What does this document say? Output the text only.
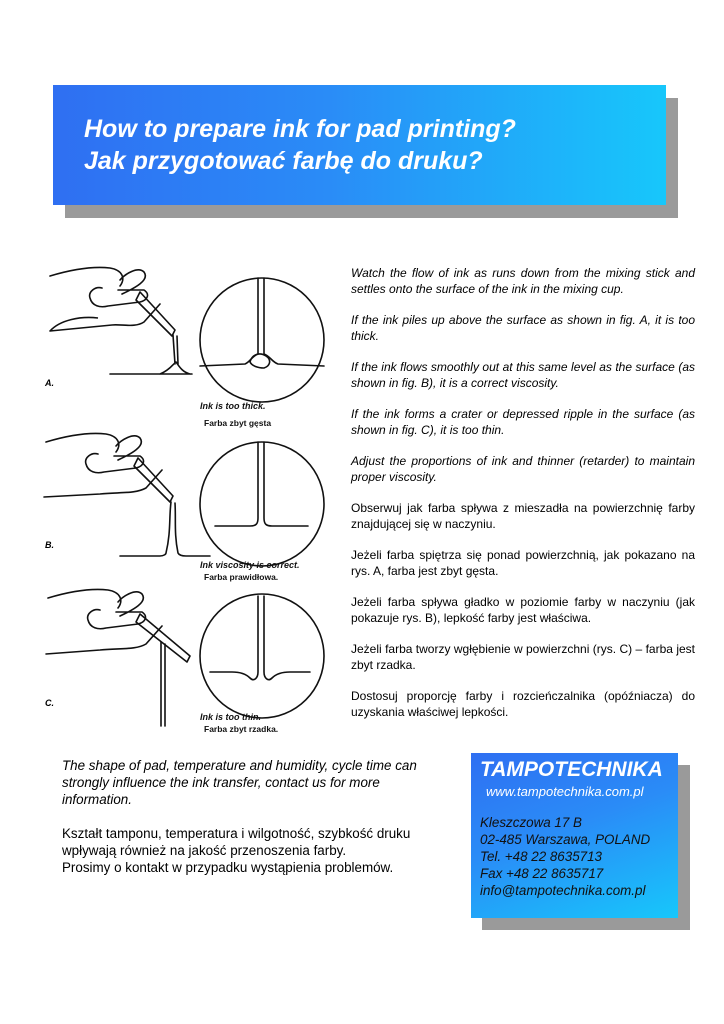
How to prepare ink for pad printing?
Jak przygotować farbę do druku?
A.
Ink is too thick.
Farba zbyt gęsta
B.
Ink viscosity is correct.
Farba prawidłowa.
C.
Ink is too thin.
Farba zbyt rzadka.

Watch the flow of ink as runs down from the mixing stick and settles onto the surface of the ink in the mixing cup.

If the ink piles up above the surface as shown in fig. A, it is too thick.

If the ink flows smoothly out at this same level as the surface (as shown in fig. B), it is a correct viscosity.

If the ink forms a crater or depressed ripple in the surface (as shown in fig. C), it is too thin.

Adjust the proportions of ink and thinner (retarder) to maintain proper viscosity.

Obserwuj jak farba spływa z mieszadła na powierzchnię farby znajdującej się w naczyniu.

Jeżeli farba spiętrza się ponad powierzchnią, jak pokazano na rys. A, farba jest zbyt gęsta.

Jeżeli farba spływa gładko w poziomie farby w naczyniu (jak pokazuje rys. B), lepkość farby jest właściwa.

Jeżeli farba tworzy wgłębienie w powierzchni (rys. C) – farba jest zbyt rzadka.

Dostosuj proporcję farby i rozcieńczalnika (opóźniacza) do uzyskania właściwej lepkości.

The shape of pad, temperature and humidity, cycle time can strongly influence the ink transfer, contact us for more information.

Kształt tamponu, temperatura i wilgotność, szybkość druku wpływają również na jakość przenoszenia farby.
Prosimy o kontakt w przypadku wystąpienia problemów.

TAMPOTECHNIKA
www.tampotechnika.com.pl
Kleszczowa 17 B
02-485 Warszawa, POLAND
Tel. +48 22 8635713
Fax +48 22 8635717
info@tampotechnika.com.pl
